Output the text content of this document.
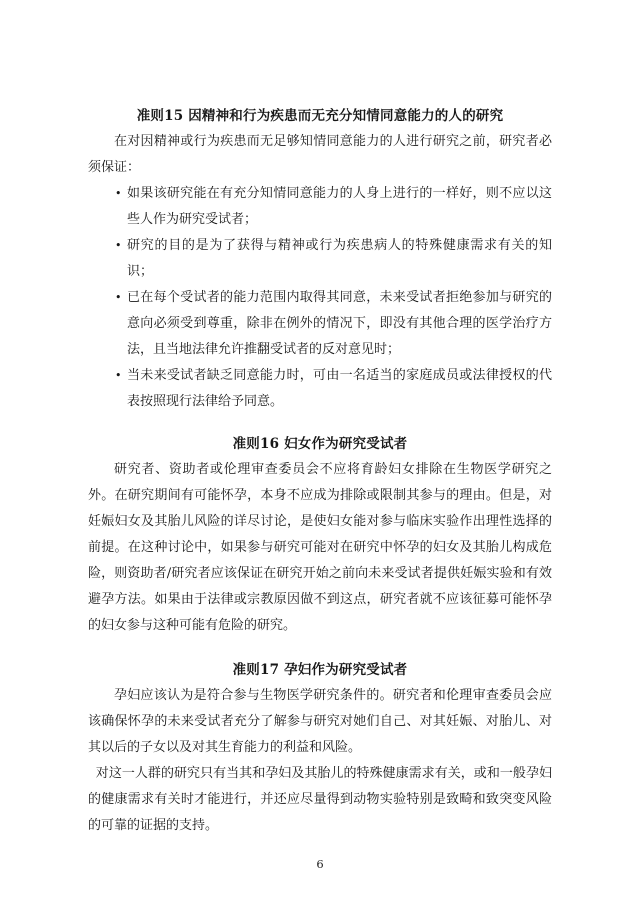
准则15 因精神和行为疾患而无充分知情同意能力的人的研究

在对因精神或行为疾患而无足够知情同意能力的人进行研究之前，研究者必须保证：

• 如果该研究能在有充分知情同意能力的人身上进行的一样好，则不应以这些人作为研究受试者；
• 研究的目的是为了获得与精神或行为疾患病人的特殊健康需求有关的知识；
• 已在每个受试者的能力范围内取得其同意，未来受试者拒绝参加与研究的意向必须受到尊重，除非在例外的情况下，即没有其他合理的医学治疗方法，且当地法律允许推翻受试者的反对意见时；
• 当未来受试者缺乏同意能力时，可由一名适当的家庭成员或法律授权的代表按照现行法律给予同意。
准则16 妇女作为研究受试者

研究者、资助者或伦理审查委员会不应将育龄妇女排除在生物医学研究之外。在研究期间有可能怀孕，本身不应成为排除或限制其参与的理由。但是，对妊娠妇女及其胎儿风险的详尽讨论，是使妇女能对参与临床实验作出理性选择的前提。在这种讨论中，如果参与研究可能对在研究中怀孕的妇女及其胎儿构成危险，则资助者/研究者应该保证在研究开始之前向未来受试者提供妊娠实验和有效避孕方法。如果由于法律或宗教原因做不到这点，研究者就不应该征募可能怀孕的妇女参与这种可能有危险的研究。

准则17 孕妇作为研究受试者

孕妇应该认为是符合参与生物医学研究条件的。研究者和伦理审查委员会应该确保怀孕的未来受试者充分了解参与研究对她们自己、对其妊娠、对胎儿、对其以后的子女以及对其生育能力的利益和风险。

对这一人群的研究只有当其和孕妇及其胎儿的特殊健康需求有关，或和一般孕妇的健康需求有关时才能进行，并还应尽量得到动物实验特别是致畸和致突变风险的可靠的证据的支持。

6
